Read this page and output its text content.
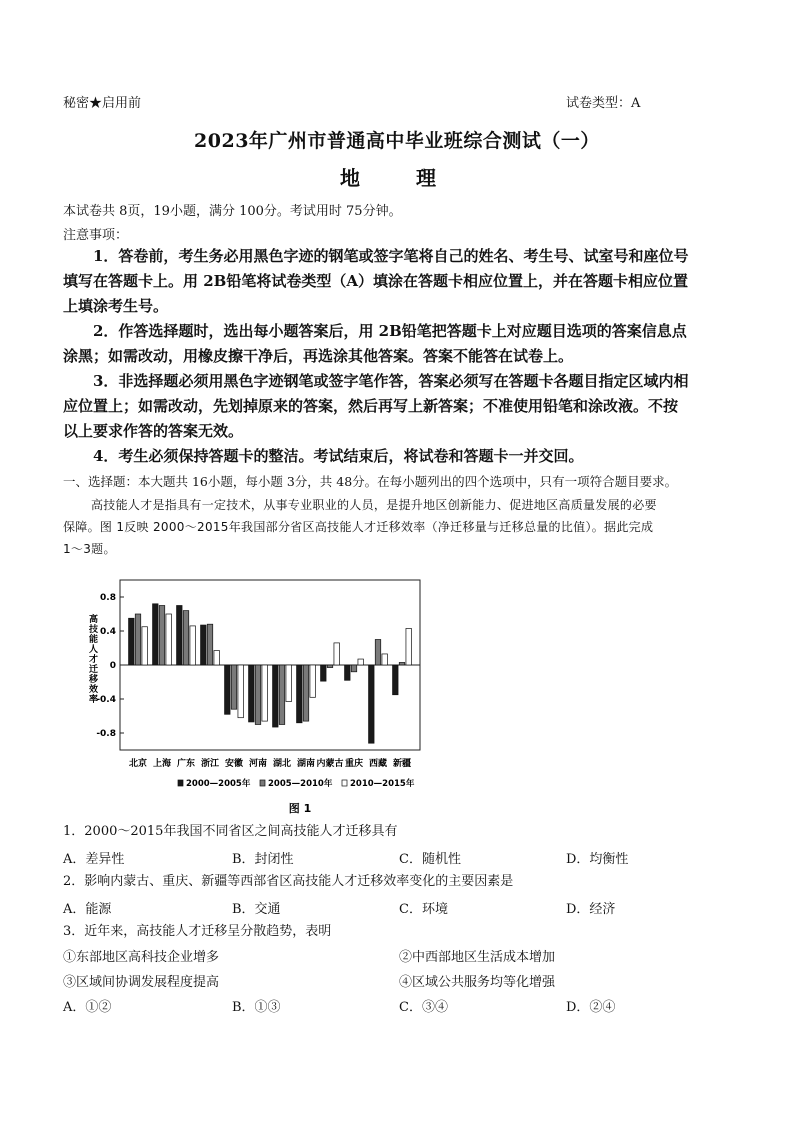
秘密★启用前	试卷类型：A
2023年广州市普通高中毕业班综合测试（一）
地　理
本试卷共 8页，19小题，满分 100分。考试用时 75分钟。
注意事项：
1．答卷前，考生务必用黑色字迹的钢笔或签字笔将自己的姓名、考生号、试室号和座位号
填写在答题卡上。用 2B铅笔将试卷类型（A）填涂在答题卡相应位置上，并在答题卡相应位置
上填涂考生号。
2．作答选择题时，选出每小题答案后，用 2B铅笔把答题卡上对应题目选项的答案信息点
涂黑；如需改动，用橡皮擦干净后，再选涂其他答案。答案不能答在试卷上。
3．非选择题必须用黑色字迹钢笔或签字笔作答，答案必须写在答题卡各题目指定区域内相
应位置上；如需改动，先划掉原来的答案，然后再写上新答案；不准使用铅笔和涂改液。不按
以上要求作答的答案无效。
4．考生必须保持答题卡的整洁。考试结束后，将试卷和答题卡一并交回。
一、选择题：本大题共 16小题，每小题 3分，共 48分。在每小题列出的四个选项中，只有一项符合题目要求。
高技能人才是指具有一定技术，从事专业职业的人员，是提升地区创新能力、促进地区高质量发展的必要
保障。图 1反映 2000～2015年我国部分省区高技能人才迁移效率（净迁移量与迁移总量的比值）。据此完成
1～3题。
高技能人才迁移效率
0.8
0.4
0
-0.4
-0.8
北京 上海 广东 浙江 安徽 河南 湖北 湖南 内蒙古 重庆 西藏 新疆
2000—2005年 2005—2010年 2010—2015年
图 1
1．2000～2015年我国不同省区之间高技能人才迁移具有
A．差异性	B．封闭性	C．随机性	D．均衡性
2．影响内蒙古、重庆、新疆等西部省区高技能人才迁移效率变化的主要因素是
A．能源	B．交通	C．环境	D．经济
3．近年来，高技能人才迁移呈分散趋势，表明
①东部地区高科技企业增多	②中西部地区生活成本增加
③区域间协调发展程度提高	④区域公共服务均等化增强
A．①②	B．①③	C．③④	D．②④
